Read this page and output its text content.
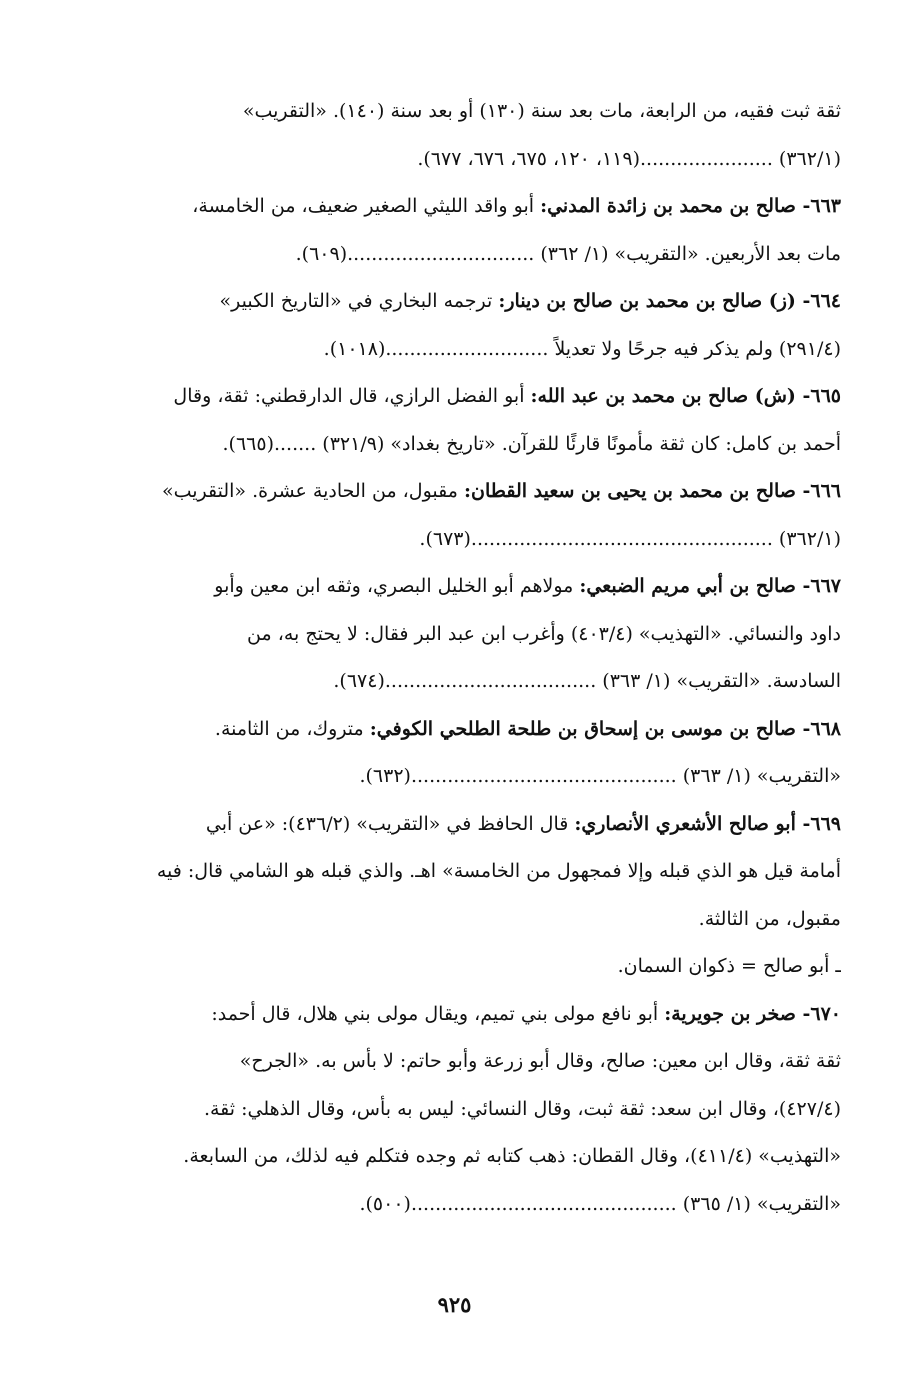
ثقة ثبت فقيه، من الرابعة، مات بعد سنة (١٣٠) أو بعد سنة (١٤٠). «التقريب»
(٣٦٢/١) ......................(١١٩، ١٢٠، ٦٧٥، ٦٧٦، ٦٧٧).
٦٦٣- صالح بن محمد بن زائدة المدني: أبو واقد الليثي الصغير ضعيف، من الخامسة،
مات بعد الأربعين. «التقريب» (١/ ٣٦٢) ...............................(٦٠٩).
٦٦٤- (ز) صالح بن محمد بن صالح بن دينار: ترجمه البخاري في «التاريخ الكبير»
(٢٩١/٤) ولم يذكر فيه جرحًا ولا تعديلاً ...........................(١٠١٨).
٦٦٥- (ش) صالح بن محمد بن عبد الله: أبو الفضل الرازي، قال الدارقطني: ثقة، وقال
أحمد بن كامل: كان ثقة مأمونًا قارئًا للقرآن. «تاريخ بغداد» (٣٢١/٩) .......(٦٦٥).
٦٦٦- صالح بن محمد بن يحيى بن سعيد القطان: مقبول، من الحادية عشرة. «التقريب»
(٣٦٢/١) ..................................................(٦٧٣).
٦٦٧- صالح بن أبي مريم الضبعي: مولاهم أبو الخليل البصري، وثقه ابن معين وأبو
داود والنسائي. «التهذيب» (٤٠٣/٤) وأغرب ابن عبد البر فقال: لا يحتج به، من
السادسة. «التقريب» (١/ ٣٦٣) ...................................(٦٧٤).
٦٦٨- صالح بن موسى بن إسحاق بن طلحة الطلحي الكوفي: متروك، من الثامنة.
«التقريب» (١/ ٣٦٣) ............................................(٦٣٢).
٦٦٩- أبو صالح الأشعري الأنصاري: قال الحافظ في «التقريب» (٤٣٦/٢): «عن أبي
أمامة قيل هو الذي قبله وإلا فمجهول من الخامسة» اهـ. والذي قبله هو الشامي قال: فيه
مقبول، من الثالثة.
ـ أبو صالح = ذكوان السمان.
٦٧٠- صخر بن جويرية: أبو نافع مولى بني تميم، ويقال مولى بني هلال، قال أحمد:
ثقة ثقة، وقال ابن معين: صالح، وقال أبو زرعة وأبو حاتم: لا بأس به. «الجرح»
(٤٢٧/٤)، وقال ابن سعد: ثقة ثبت، وقال النسائي: ليس به بأس، وقال الذهلي: ثقة.
«التهذيب» (٤١١/٤)، وقال القطان: ذهب كتابه ثم وجده فتكلم فيه لذلك، من السابعة.
«التقريب» (١/ ٣٦٥) ............................................(٥٠٠).
٩٢٥
